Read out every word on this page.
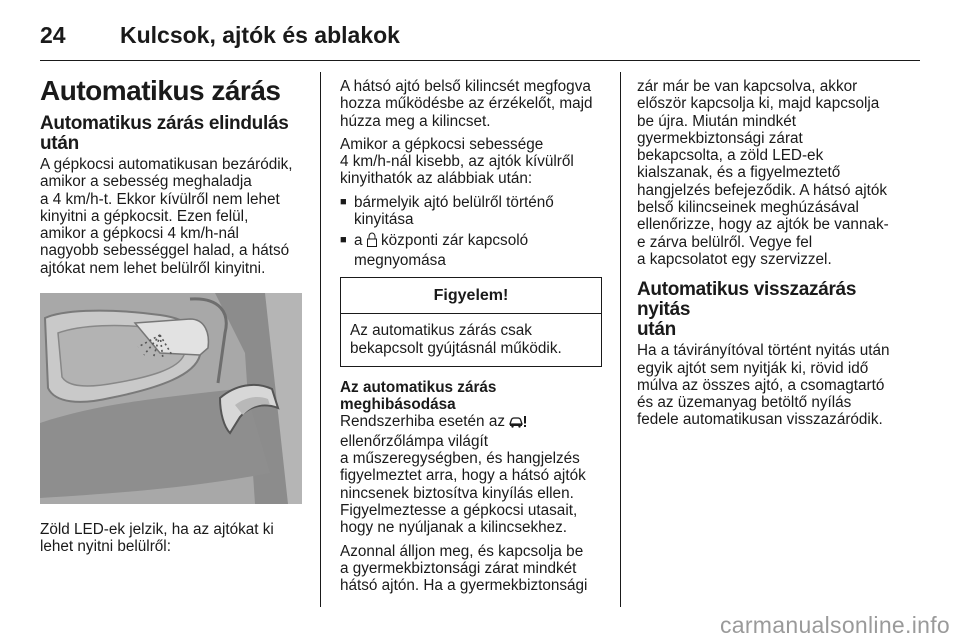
24 Kulcsok, ajtók és ablakok
Automatikus zárás
Automatikus zárás elindulás
után

A gépkocsi automatikusan bezáródik,
amikor a sebesség meghaladja
a 4 km/h-t. Ekkor kívülről nem lehet
kinyitni a gépkocsit. Ezen felül,
amikor a gépkocsi 4 km/h-nál
nagyobb sebességgel halad, a hátsó
ajtókat nem lehet belülről kinyitni.

Zöld LED-ek jelzik, ha az ajtókat ki
lehet nyitni belülről:

A hátsó ajtó belső kilincsét megfogva
hozza működésbe az érzékelőt, majd
húzza meg a kilincset.

Amikor a gépkocsi sebessége
4 km/h-nál kisebb, az ajtók kívülről
kinyithatók az alábbiak után:

■ bármelyik ajtó belülről történő
kinyitása
■ a  központi zár kapcsoló
megnyomása
Figyelem!
Az automatikus zárás csak
bekapcsolt gyújtásnál működik.
Az automatikus zárás
meghibásodása

Rendszerhiba esetén az
ellenőrzőlámpa világít
a műszeregységben, és hangjelzés
figyelmeztet arra, hogy a hátsó ajtók
nincsenek biztosítva kinyílás ellen.
Figyelmeztesse a gépkocsi utasait,
hogy ne nyúljanak a kilincsekhez.

Azonnal álljon meg, és kapcsolja be
a gyermekbiztonsági zárat mindkét
hátsó ajtón. Ha a gyermekbiztonsági

zár már be van kapcsolva, akkor
először kapcsolja ki, majd kapcsolja
be újra. Miután mindkét
gyermekbiztonsági zárat
bekapcsolta, a zöld LED-ek
kialszanak, és a figyelmeztető
hangjelzés befejeződik. A hátsó ajtók
belső kilincseinek meghúzásával
ellenőrizze, hogy az ajtók be vannak-
e zárva belülről. Vegye fel
a kapcsolatot egy szervizzel.

Automatikus visszazárás nyitás
után

Ha a távirányítóval történt nyitás után
egyik ajtót sem nyitják ki, rövid idő
múlva az összes ajtó, a csomagtartó
és az üzemanyag betöltő nyílás
fedele automatikusan visszazáródik.

carmanualsonline.info
